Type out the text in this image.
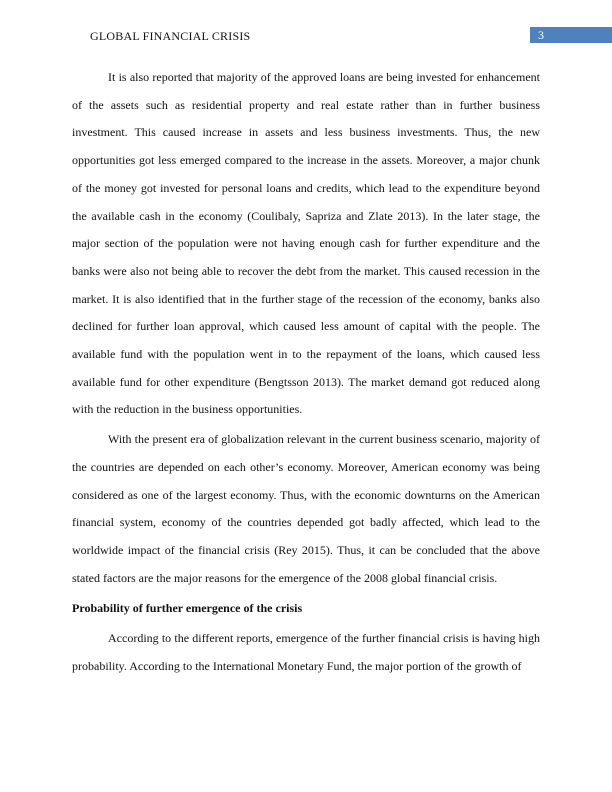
GLOBAL FINANCIAL CRISIS	3

It is also reported that majority of the approved loans are being invested for enhancement of the assets such as residential property and real estate rather than in further business investment. This caused increase in assets and less business investments. Thus, the new opportunities got less emerged compared to the increase in the assets. Moreover, a major chunk of the money got invested for personal loans and credits, which lead to the expenditure beyond the available cash in the economy (Coulibaly, Sapriza and Zlate 2013). In the later stage, the major section of the population were not having enough cash for further expenditure and the banks were also not being able to recover the debt from the market. This caused recession in the market. It is also identified that in the further stage of the recession of the economy, banks also declined for further loan approval, which caused less amount of capital with the people. The available fund with the population went in to the repayment of the loans, which caused less available fund for other expenditure (Bengtsson 2013). The market demand got reduced along with the reduction in the business opportunities.

With the present era of globalization relevant in the current business scenario, majority of the countries are depended on each other’s economy. Moreover, American economy was being considered as one of the largest economy. Thus, with the economic downturns on the American financial system, economy of the countries depended got badly affected, which lead to the worldwide impact of the financial crisis (Rey 2015). Thus, it can be concluded that the above stated factors are the major reasons for the emergence of the 2008 global financial crisis.

Probability of further emergence of the crisis

According to the different reports, emergence of the further financial crisis is having high probability. According to the International Monetary Fund, the major portion of the growth of
